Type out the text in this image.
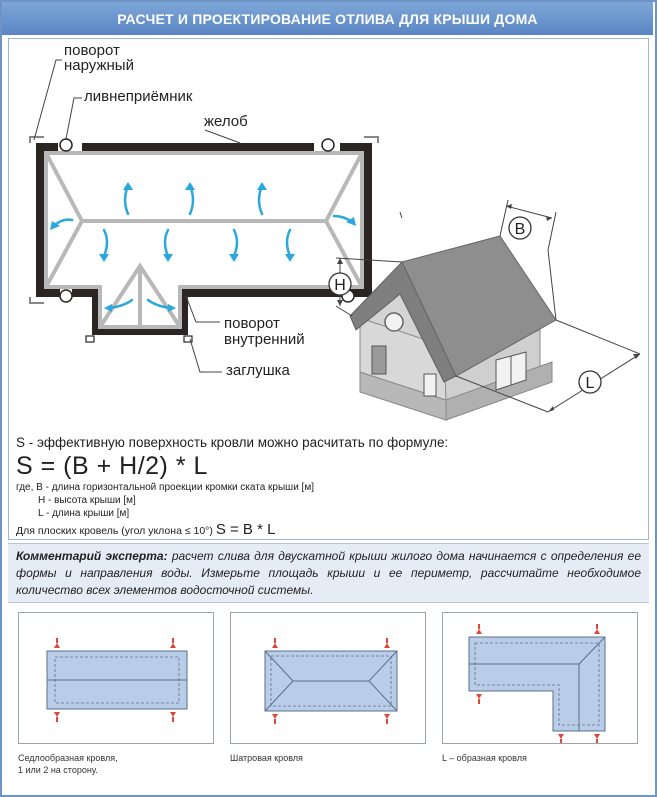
РАСЧЕТ И ПРОЕКТИРОВАНИЕ ОТЛИВА ДЛЯ КРЫШИ ДОМА
поворот
наружный
ливнеприёмник
желоб
поворот
внутренний
заглушка
B
H
L
S - эффективную поверхность кровли можно расчитать по формуле:
S = (B + H/2) * L
где, B - длина горизонтальной проекции кромки ската крыши [м]
H - высота крыши [м]
L - длина крыши [м]
Для плоских кровель (угол уклона ≤ 10°) S = B * L
Комментарий эксперта: расчет слива для двускатной крыши жилого дома начинается с определения ее формы и направления воды. Измерьте площадь крыши и ее периметр, рассчитайте необходимое количество всех элементов водосточной системы.
Седлообразная кровля,
1 или 2 на сторону.
Шатровая кровля	L – образная кровля
